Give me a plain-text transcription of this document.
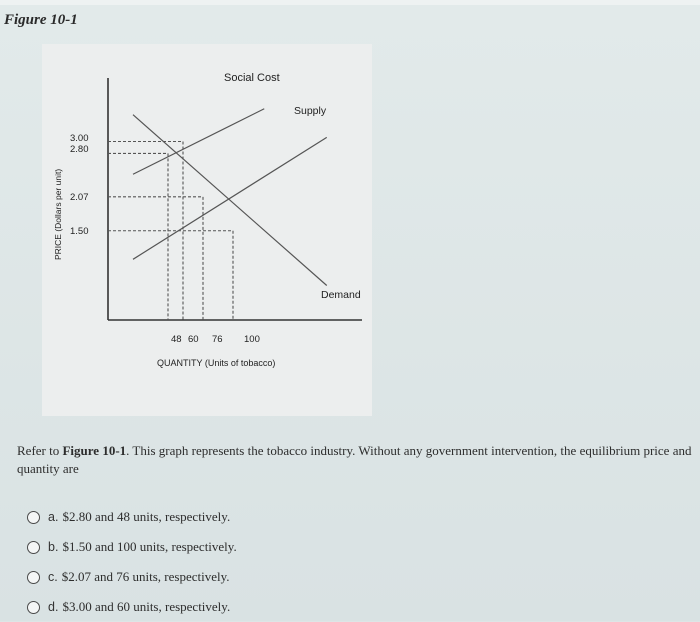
Figure 10-1
Social Cost
Supply
Demand
3.00
2.80
2.07
1.50
48 60 76 100
QUANTITY (Units of tobacco)
PRICE (Dollars per unit)
Refer to Figure 10-1. This graph represents the tobacco industry. Without any government intervention, the equilibrium price and quantity are
a. $2.80 and 48 units, respectively.
b. $1.50 and 100 units, respectively.
c. $2.07 and 76 units, respectively.
d. $3.00 and 60 units, respectively.
